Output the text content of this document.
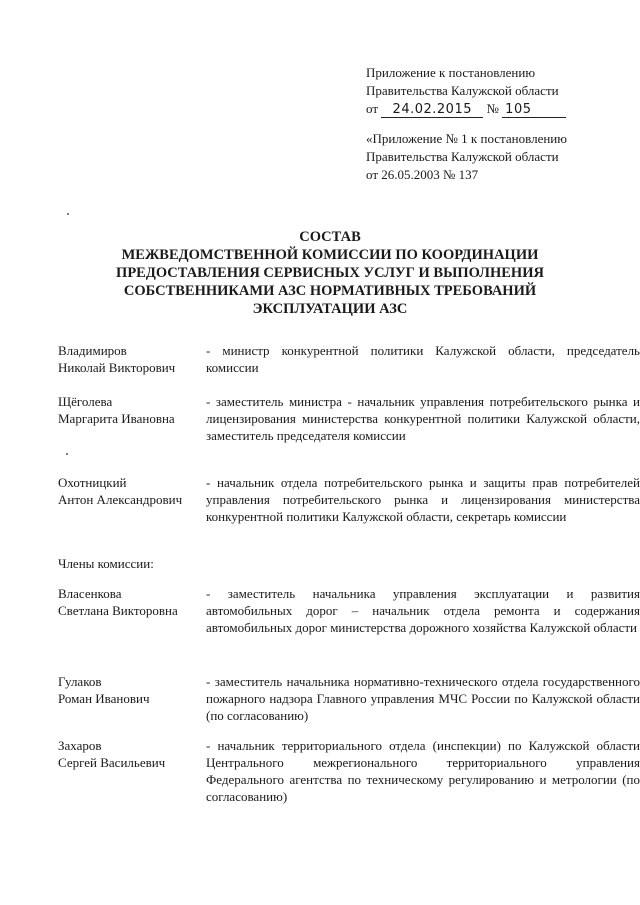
Приложение к постановлению
Правительства Калужской области
от 24.02.2015 № 105
«Приложение № 1 к постановлению
Правительства Калужской области
от 26.05.2003 № 137
СОСТАВ
МЕЖВЕДОМСТВЕННОЙ КОМИССИИ ПО КООРДИНАЦИИ
ПРЕДОСТАВЛЕНИЯ СЕРВИСНЫХ УСЛУГ И ВЫПОЛНЕНИЯ
СОБСТВЕННИКАМИ АЗС НОРМАТИВНЫХ ТРЕБОВАНИЙ
ЭКСПЛУАТАЦИИ АЗС
Владимиров
Николай Викторович
- министр конкурентной политики Калужской области, председатель комиссии
Щёголева
Маргарита Ивановна
- заместитель министра - начальник управления потребительского рынка и лицензирования министерства конкурентной политики Калужской области, заместитель председателя комиссии
Охотницкий
Антон Александрович
- начальник отдела потребительского рынка и защиты прав потребителей управления потребительского рынка и лицензирования министерства конкурентной политики Калужской области, секретарь комиссии
Члены комиссии:
Власенкова
Светлана Викторовна
- заместитель начальника управления эксплуатации и развития автомобильных дорог – начальник отдела ремонта и содержания автомобильных дорог министерства дорожного хозяйства Калужской области
Гулаков
Роман Иванович
- заместитель начальника нормативно-технического отдела государственного пожарного надзора Главного управления МЧС России по Калужской области (по согласованию)
Захаров
Сергей Васильевич
- начальник территориального отдела (инспекции) по Калужской области Центрального межрегионального территориального управления Федерального агентства по техническому регулированию и метрологии (по согласованию)
